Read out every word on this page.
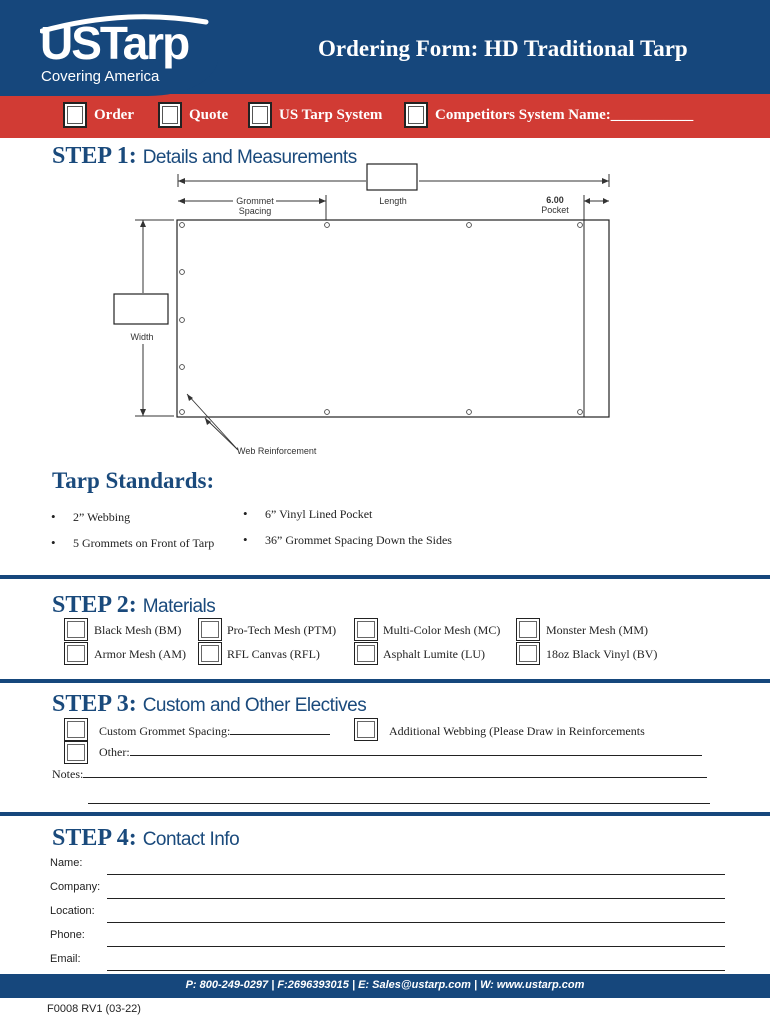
USTarp
Covering America
Ordering Form: HD Traditional Tarp
Order	Quote	US Tarp System	Competitors System Name:___________
STEP 1: Details and Measurements
Grommet
Spacing
Length	6.00
Pocket
Width
Web Reinforcement
Tarp Standards:
• 2” Webbing	• 6” Vinyl Lined Pocket
• 5 Grommets on Front of Tarp	• 36” Grommet Spacing Down the Sides
STEP 2: Materials
Black Mesh (BM)	Pro-Tech Mesh (PTM)	Multi-Color Mesh (MC)	Monster Mesh (MM)
Armor Mesh (AM)	RFL Canvas (RFL)	Asphalt Lumite (LU)	18oz Black Vinyl (BV)
STEP 3: Custom and Other Electives
Custom Grommet Spacing:	Additional Webbing (Please Draw in Reinforcements
Other:
Notes:
STEP 4: Contact Info
Name:
Company:
Location:
Phone:
Email:
P: 800-249-0297 | F:2696393015 | E: Sales@ustarp.com | W: www.ustarp.com
F0008 RV1 (03-22)
